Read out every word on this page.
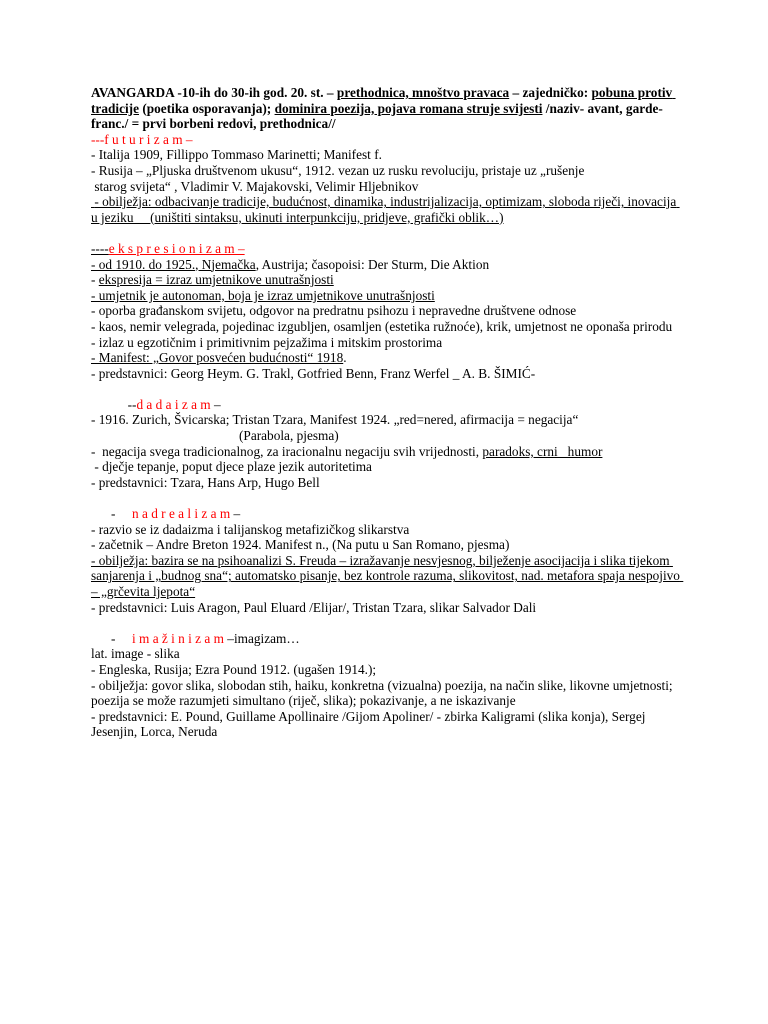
AVANGARDA -10-ih do 30-ih god. 20. st. – prethodnica, mnoštvo pravaca – zajedničko: pobuna protiv tradicije (poetika osporavanja); dominira poezija, pojava romana struje svijesti /naziv- avant, garde- franc./ = prvi borbeni redovi, prethodnica//

---f u t u r i z a m –

- Italija 1909, Fillippo Tommaso Marinetti; Manifest f.

- Rusija – „Pljuska društvenom ukusu“, 1912. vezan uz rusku revoluciju, pristaje uz „rušenje

starog svijeta“ , Vladimir V. Majakovski, Velimir Hljebnikov

- obilježja: odbacivanje tradicije, budućnost, dinamika, industrijalizacija, optimizam, sloboda riječi, inovacija u jeziku     (uništiti sintaksu, ukinuti interpunkciju, pridjeve, grafički oblik…)

----e k s p r e s i o n i z a m –

- od 1910. do 1925., Njemačka, Austrija; časopoisi: Der Sturm, Die Aktion

- ekspresija = izraz umjetnikove unutrašnjosti

- umjetnik je autonoman, boja je izraz umjetnikove unutrašnjosti

- oporba građanskom svijetu, odgovor na predratnu psihozu i nepravedne društvene odnose

- kaos, nemir velegrada, pojedinac izgubljen, osamljen (estetika ružnoće), krik, umjetnost ne oponaša prirodu

- izlaz u egzotičnim i primitivnim pejzažima i mitskim prostorima

- Manifest: „Govor posvećen budućnosti“ 1918.

- predstavnici: Georg Heym. G. Trakl, Gotfried Benn, Franz Werfel _ A. B. ŠIMIĆ-

--d a d a i z a m –

- 1916. Zurich, Švicarska; Tristan Tzara, Manifest 1924. „red=nered, afirmacija = negacija“

(Parabola, pjesma)

-  negacija svega tradicionalnog, za iracionalnu negaciju svih vrijednosti, paradoks, crni   humor

- dječje tepanje, poput djece plaze jezik autoritetima

- predstavnici: Tzara, Hans Arp, Hugo Bell

-     n a d r e a l i z a m –

- razvio se iz dadaizma i talijanskog metafizičkog slikarstva

- začetnik – Andre Breton 1924. Manifest n., (Na putu u San Romano, pjesma)

- obilježja: bazira se na psihoanalizi S. Freuda – izražavanje nesvjesnog, bilježenje asocijacija i slika tijekom sanjarenja i „budnog sna“; automatsko pisanje, bez kontrole razuma, slikovitost, nad. metafora spaja nespojivo – „grčevita ljepota“

- predstavnici: Luis Aragon, Paul Eluard /Elijar/, Tristan Tzara, slikar Salvador Dali

-     i m a ž i n i z a m –imagizam…

lat. image - slika

- Engleska, Rusija; Ezra Pound 1912. (ugašen 1914.);

- obilježja: govor slika, slobodan stih, haiku, konkretna (vizualna) poezija, na način slike, likovne umjetnosti; poezija se može razumjeti simultano (riječ, slika); pokazivanje, a ne iskazivanje

- predstavnici: E. Pound, Guillame Apollinaire /Gijom Apoliner/ - zbirka Kaligrami (slika konja), Sergej Jesenjin, Lorca, Neruda
